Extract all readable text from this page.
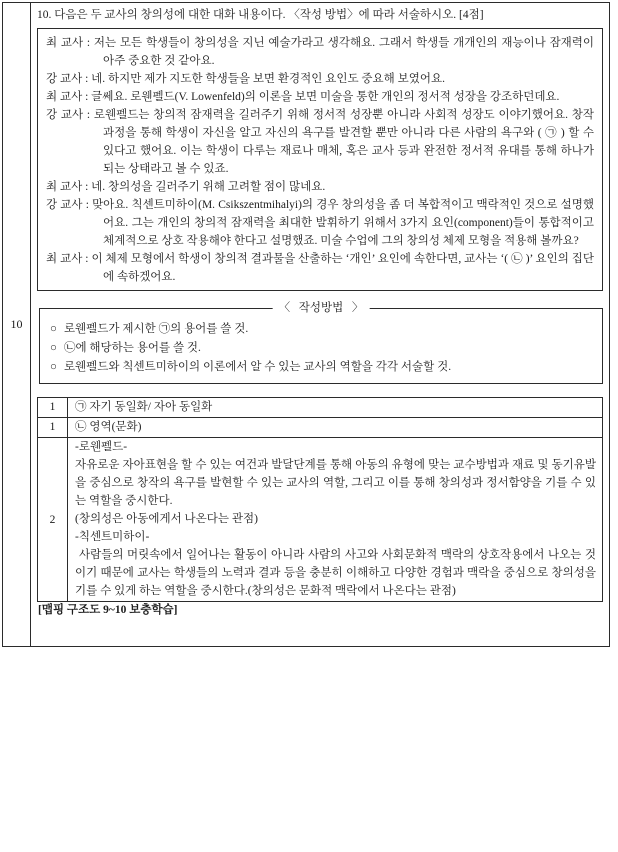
10
10. 다음은 두 교사의 창의성에 대한 대화 내용이다. 〈작성 방법〉에 따라 서술하시오. [4점]
최 교사 : 저는 모든 학생들이 창의성을 지닌 예술가라고 생각해요. 그래서 학생들 개개인의 재능이나 잠재력이 아주 중요한 것 같아요.
강 교사 : 네. 하지만 제가 지도한 학생들을 보면 환경적인 요인도 중요해 보였어요.
최 교사 : 글쎄요. 로웬펠드(V. Lowenfeld)의 이론을 보면 미술을 통한 개인의 정서적 성장을 강조하던데요.
강 교사 : 로웬펠드는 창의적 잠재력을 길러주기 위해 정서적 성장뿐 아니라 사회적 성장도 이야기했어요. 창작 과정을 통해 학생이 자신을 알고 자신의 욕구를 발견할 뿐만 아니라 다른 사람의 욕구와 ( ㉠ ) 할 수 있다고 했어요. 이는 학생이 다루는 재료나 매체, 혹은 교사 등과 완전한 정서적 유대를 통해 하나가 되는 상태라고 볼 수 있죠.
최 교사 : 네. 창의성을 길러주기 위해 고려할 점이 많네요.
강 교사 : 맞아요. 칙센트미하이(M. Csikszentmihalyi)의 경우 창의성을 좀 더 복합적이고 맥락적인 것으로 설명했어요. 그는 개인의 창의적 잠재력을 최대한 발휘하기 위해서 3가지 요인(component)들이 통합적이고 체계적으로 상호 작용해야 한다고 설명했죠. 미술 수업에 그의 창의성 체제 모형을 적용해 볼까요?
최 교사 : 이 체제 모형에서 학생이 창의적 결과물을 산출하는 ‘개인’ 요인에 속한다면, 교사는 ‘( ㉡ )’ 요인의 집단에 속하겠어요.
〈   작성방법   〉
○ 로웬펠드가 제시한 ㉠의 용어를 쓸 것.
○ ㉡에 해당하는 용어를 쓸 것.
○ 로웬펠드와 칙센트미하이의 이론에서 알 수 있는 교사의 역할을 각각 서술할 것.
1	㉠ 자기 동일화/ 자아 동일화

1	㉡ 영역(문화)

2	-로웬펠드-

자유로운 자아표현을 할 수 있는 여건과 발달단계를 통해 아동의 유형에 맞는 교수방법과 재료 및 동기유발을 중심으로 창작의 욕구를 발현할 수 있는 교사의 역할, 그리고 이를 통해 창의성과 정서함양을 기를 수 있는 역할을 중시한다.

(창의성은 아동에게서 나온다는 관점)

-칙센트미하이-

사람들의 머릿속에서 일어나는 활동이 아니라 사람의 사고와 사회문화적 맥락의 상호작용에서 나오는 것이기 때문에 교사는 학생들의 노력과 결과 등을 충분히 이해하고 다양한 경험과 맥락을 중심으로 창의성을 기를 수 있게 하는 역할을 중시한다.(창의성은 문화적 맥락에서 나온다는 관점)

[맵핑 구조도 9~10 보충학습]
